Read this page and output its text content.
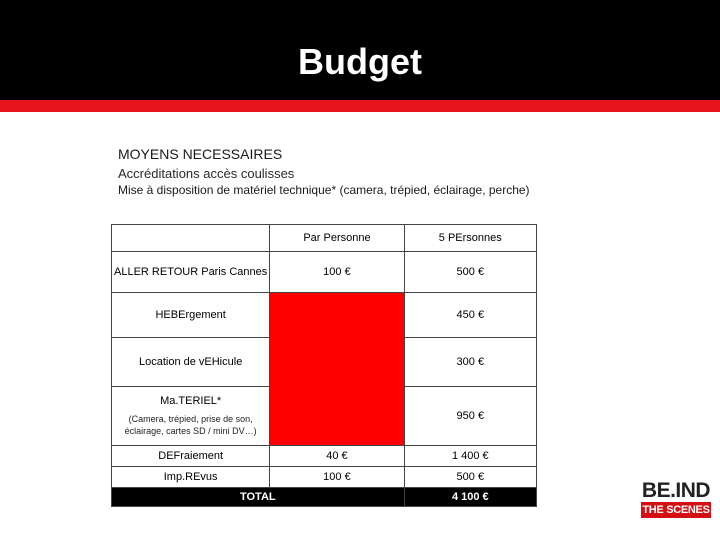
Budget
MOYENS NECESSAIRES
Accréditations accès coulisses
Mise à disposition de matériel technique* (camera, trépied, éclairage, perche)
	Par Personne	5 PErsonnes
ALLER RETOUR Paris Cannes	100 €	500 €
HEBErgement		450 €
Location de vEHicule		300 €

Ma.TERIEL*
(Camera, trépied, prise de son, éclairage, cartes SD / mini DV…)		950 €
DEFraiement	40 €	1 400 €
Imp.REvus	100 €	500 €
TOTAL		4 100 €	BE.IND
THE SCENES
